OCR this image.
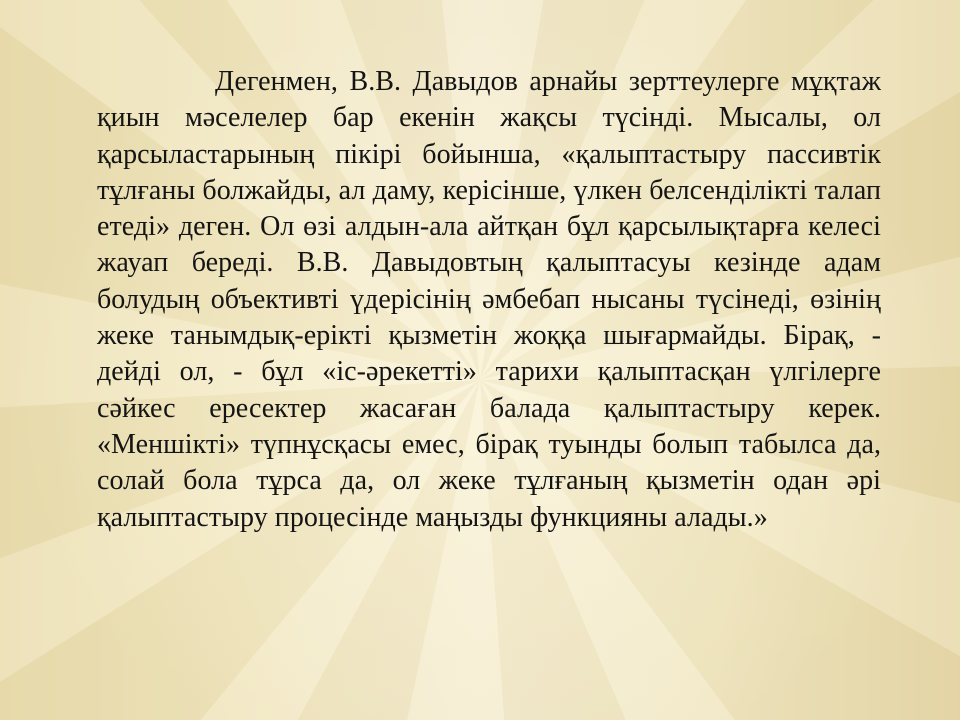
Дегенмен, В.В. Давыдов арнайы зерттеулерге мұқтаж қиын мәселелер бар екенін жақсы түсінді. Мысалы, ол қарсыластарының пікірі бойынша, «қалыптастыру пассивтік тұлғаны болжайды, ал даму, керісінше, үлкен белсенділікті талап етеді» деген. Ол өзі алдын-ала айтқан бұл қарсылықтарға келесі жауап береді. В.В. Давыдовтың қалыптасуы кезінде адам болудың объективті үдерісінің әмбебап нысаны түсінеді, өзінің жеке танымдық-ерікті қызметін жоққа шығармайды. Бірақ, - дейді ол, - бұл «іс-әрекетті» тарихи қалыптасқан үлгілерге сәйкес ересектер жасаған балада қалыптастыру керек. «Меншікті» түпнұсқасы емес, бірақ туынды болып табылса да, солай бола тұрса да, ол жеке тұлғаның қызметін одан әрі қалыптастыру процесінде маңызды функцияны алады.»
